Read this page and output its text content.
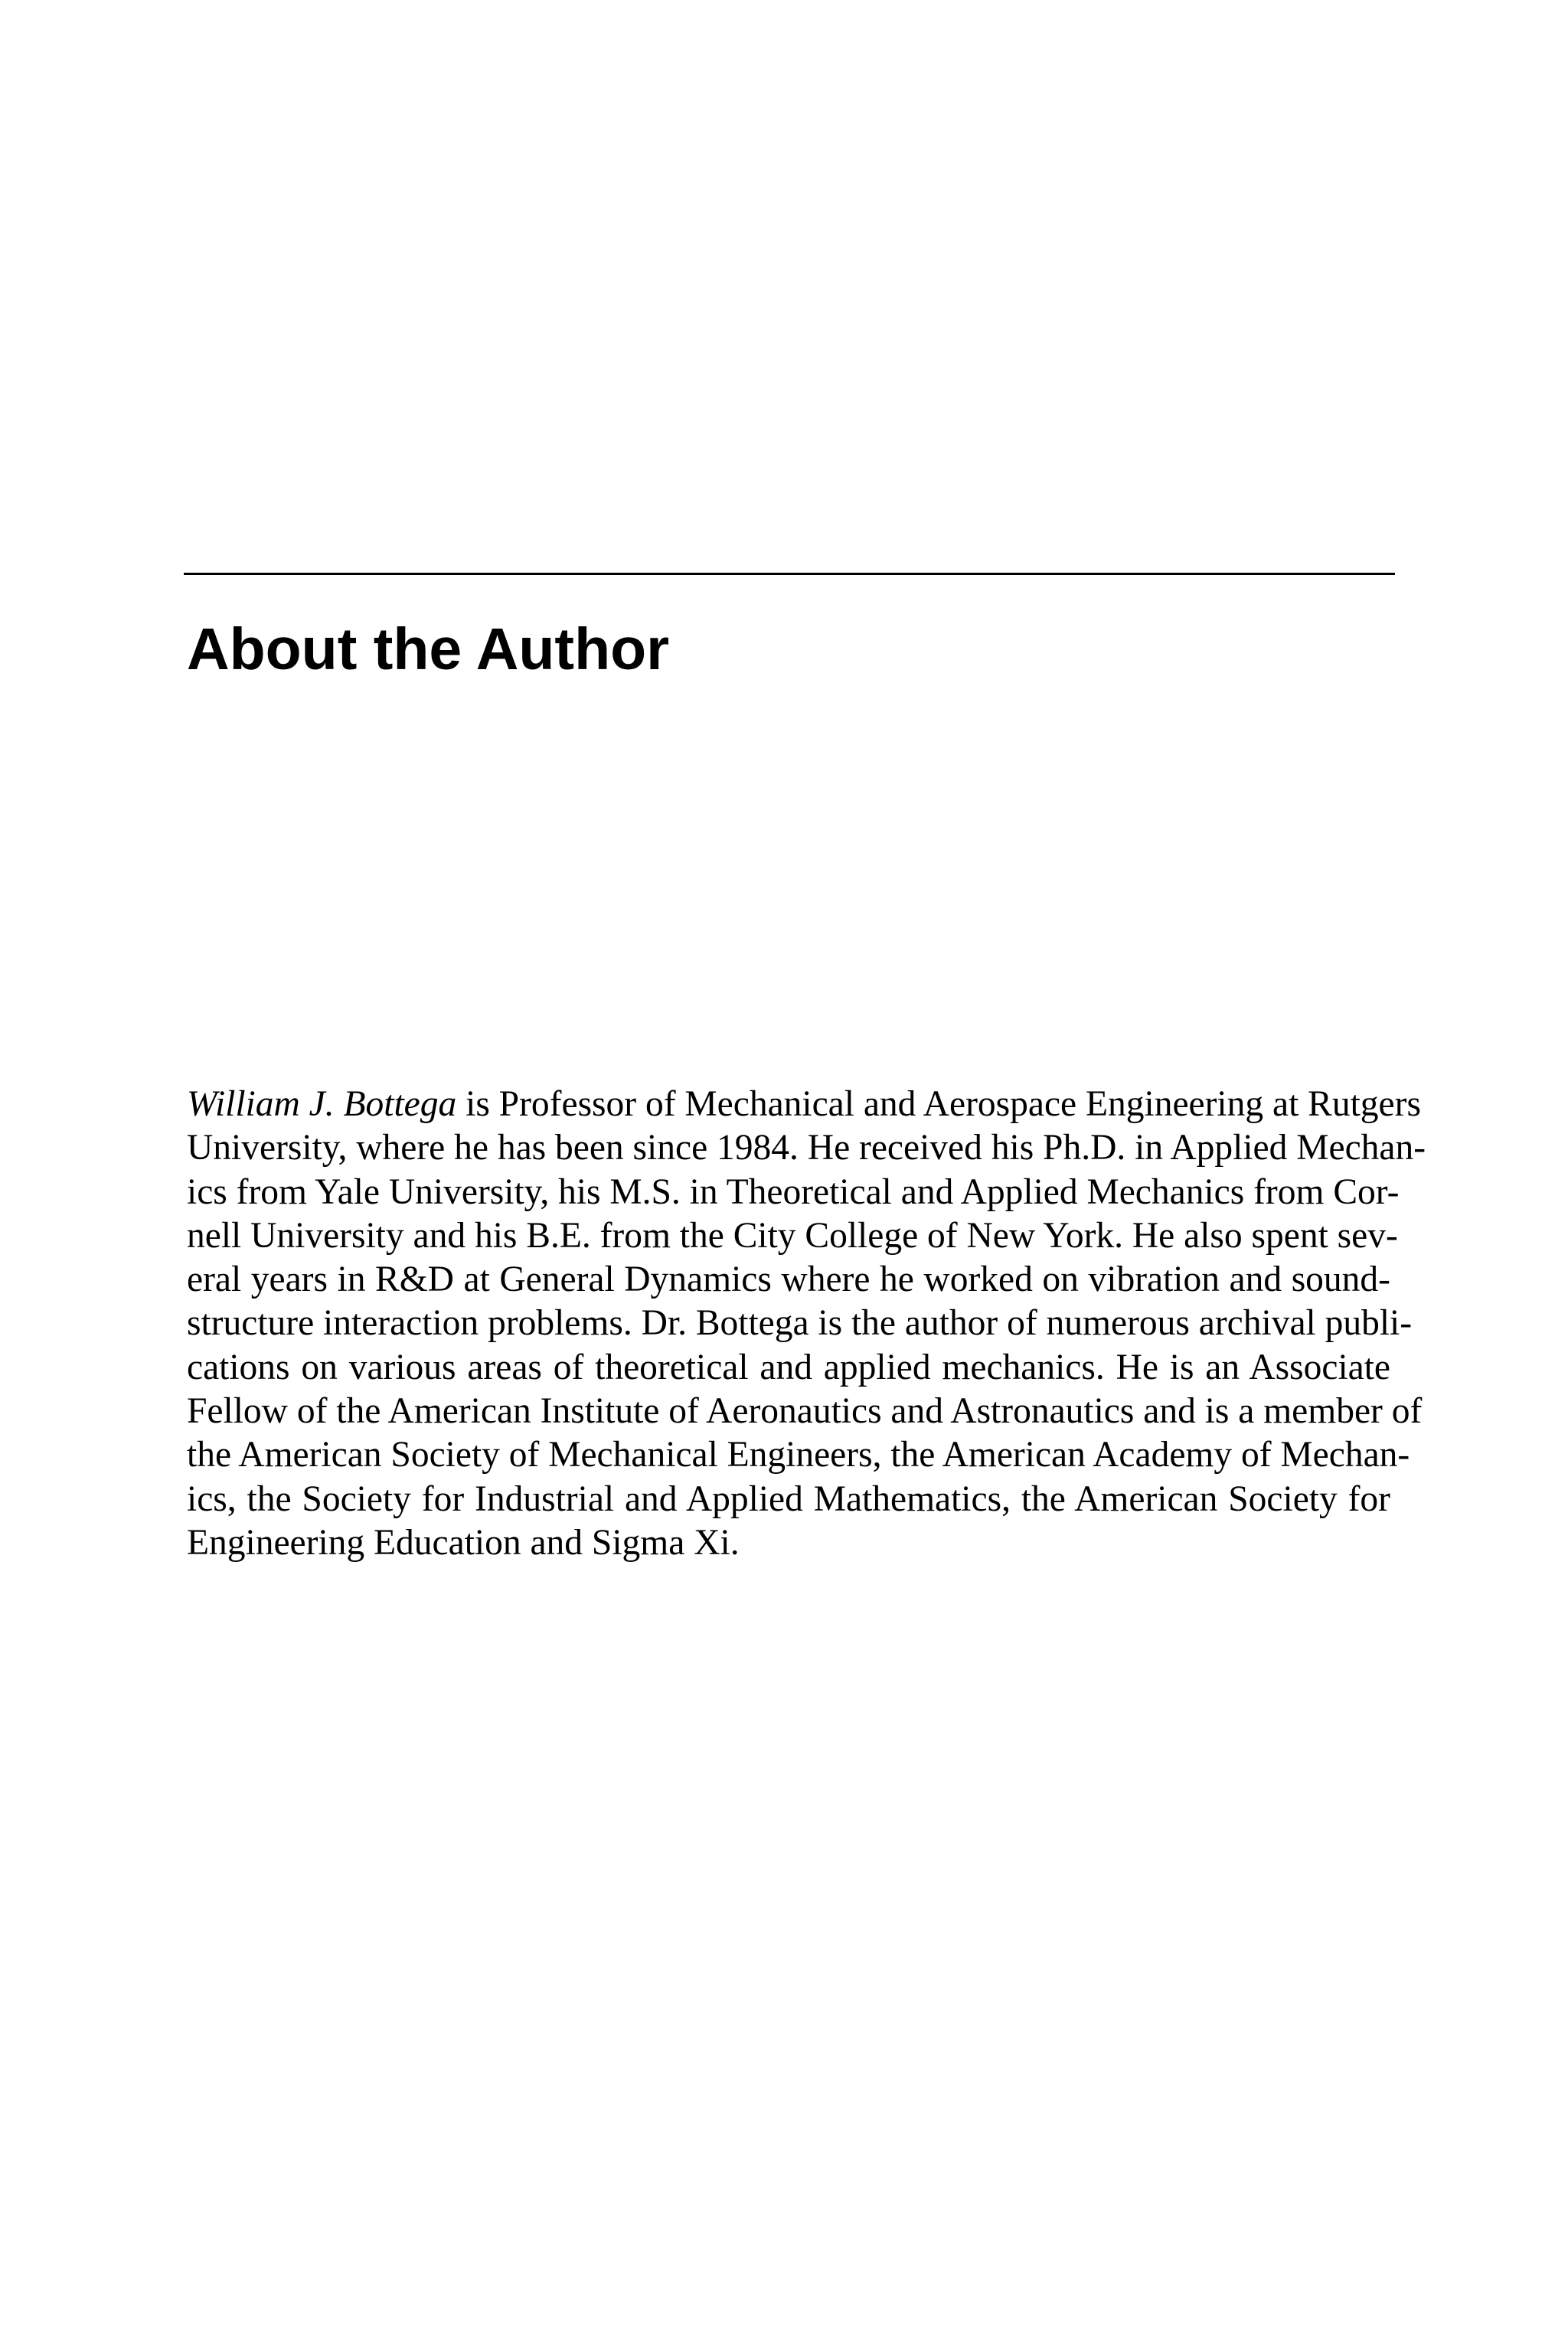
About the Author
William J. Bottega is Professor of Mechanical and Aerospace Engineering at Rutgers
University, where he has been since 1984. He received his Ph.D. in Applied Mechan-
ics from Yale University, his M.S. in Theoretical and Applied Mechanics from Cor-
nell University and his B.E. from the City College of New York. He also spent sev-
eral years in R&D at General Dynamics where he worked on vibration and sound-
structure interaction problems. Dr. Bottega is the author of numerous archival publi-
cations on various areas of theoretical and applied mechanics. He is an Associate
Fellow of the American Institute of Aeronautics and Astronautics and is a member of
the American Society of Mechanical Engineers, the American Academy of Mechan-
ics, the Society for Industrial and Applied Mathematics, the American Society for
Engineering Education and Sigma Xi.
